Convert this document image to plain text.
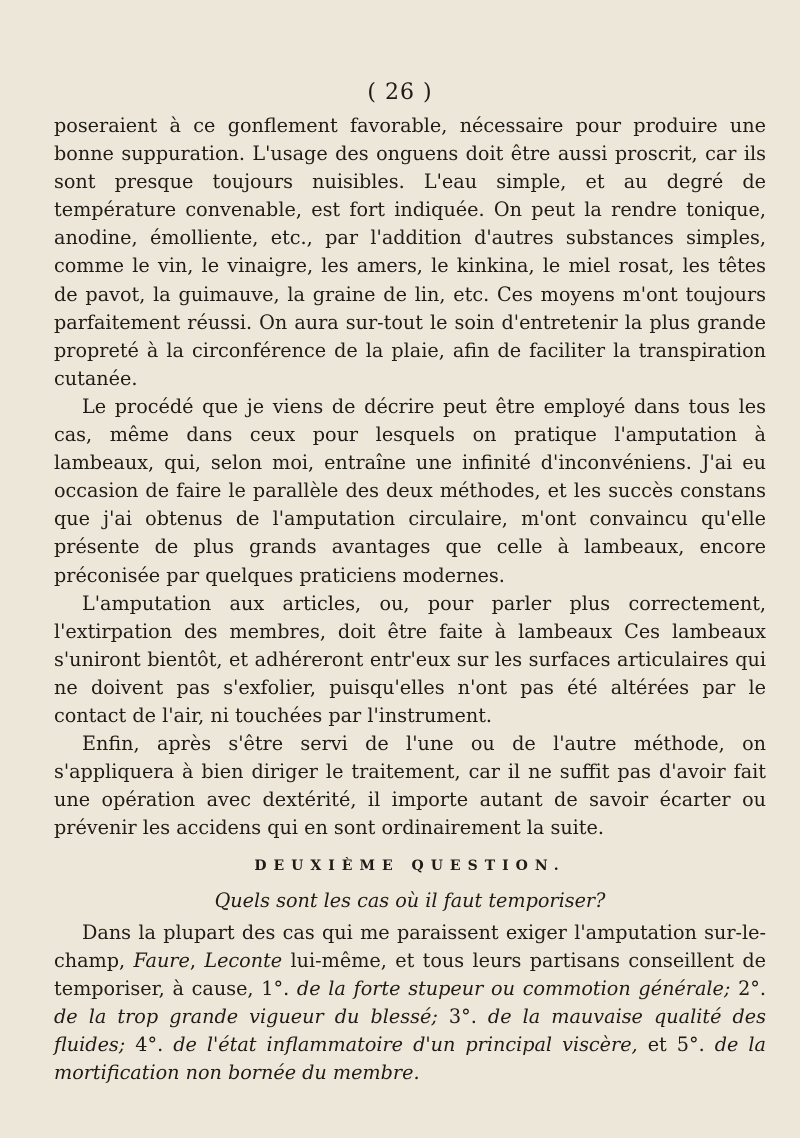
( 26 )

poseraient à ce gonflement favorable, nécessaire pour produire une bonne suppuration. L'usage des onguens doit être aussi proscrit, car ils sont presque toujours nuisibles. L'eau simple, et au degré de température convenable, est fort indiquée. On peut la rendre tonique, anodine, émolliente, etc., par l'addition d'autres substances simples, comme le vin, le vinaigre, les amers, le kinkina, le miel rosat, les têtes de pavot, la guimauve, la graine de lin, etc. Ces moyens m'ont toujours parfaitement réussi. On aura sur-tout le soin d'entretenir la plus grande propreté à la circonférence de la plaie, afin de faciliter la transpiration cutanée.

Le procédé que je viens de décrire peut être employé dans tous les cas, même dans ceux pour lesquels on pratique l'amputation à lambeaux, qui, selon moi, entraîne une infinité d'inconvéniens. J'ai eu occasion de faire le parallèle des deux méthodes, et les succès constans que j'ai obtenus de l'amputation circulaire, m'ont convaincu qu'elle présente de plus grands avantages que celle à lambeaux, encore préconisée par quelques praticiens modernes.

L'amputation aux articles, ou, pour parler plus correctement, l'extirpation des membres, doit être faite à lambeaux Ces lambeaux s'uniront bientôt, et adhéreront entr'eux sur les surfaces articulaires qui ne doivent pas s'exfolier, puisqu'elles n'ont pas été altérées par le contact de l'air, ni touchées par l'instrument.

Enfin, après s'être servi de l'une ou de l'autre méthode, on s'appliquera à bien diriger le traitement, car il ne suffit pas d'avoir fait une opération avec dextérité, il importe autant de savoir écarter ou prévenir les accidens qui en sont ordinairement la suite.

DEUXIÈME QUESTION.
Quels sont les cas où il faut temporiser?

Dans la plupart des cas qui me paraissent exiger l'amputation sur-le-champ, Faure, Leconte lui-même, et tous leurs partisans conseillent de temporiser, à cause, 1°. de la forte stupeur ou commotion générale; 2°. de la trop grande vigueur du blessé; 3°. de la mauvaise qualité des fluides; 4°. de l'état inflammatoire d'un principal viscère, et 5°. de la mortification non bornée du membre.
